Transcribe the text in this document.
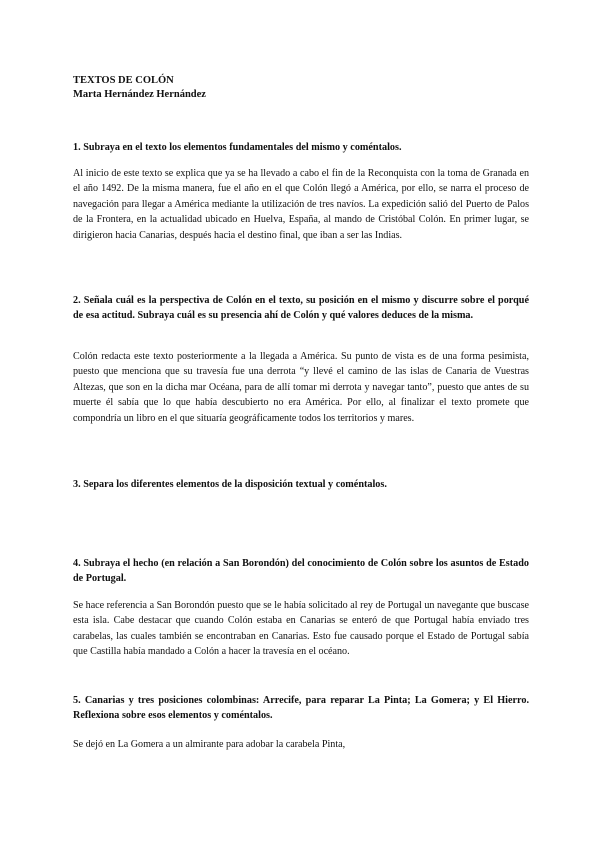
TEXTOS DE COLÓN
Marta Hernández Hernández
1. Subraya en el texto los elementos fundamentales del mismo y coméntalos.
Al inicio de este texto se explica que ya se ha llevado a cabo el fin de la Reconquista con la toma de Granada en el año 1492. De la misma manera, fue el año en el que Colón llegó a América, por ello, se narra el proceso de navegación para llegar a América mediante la utilización de tres navíos. La expedición salió del Puerto de Palos de la Frontera, en la actualidad ubicado en Huelva, España, al mando de Cristóbal Colón. En primer lugar, se dirigieron hacia Canarias, después hacia el destino final, que iban a ser las Indias.
2. Señala cuál es la perspectiva de Colón en el texto, su posición en el mismo y discurre sobre el porqué de esa actitud. Subraya cuál es su presencia ahí de Colón y qué valores deduces de la misma.
Colón redacta este texto posteriormente a la llegada a América. Su punto de vista es de una forma pesimista, puesto que menciona que su travesía fue una derrota “y llevé el camino de las islas de Canaria de Vuestras Altezas, que son en la dicha mar Océana, para de allí tomar mi derrota y navegar tanto”, puesto que antes de su muerte él sabía que lo que había descubierto no era América. Por ello, al finalizar el texto promete que compondría un libro en el que situaría geográficamente todos los territorios y mares.
3. Separa los diferentes elementos de la disposición textual y coméntalos.
4. Subraya el hecho (en relación a San Borondón) del conocimiento de Colón sobre los asuntos de Estado de Portugal.
Se hace referencia a San Borondón puesto que se le había solicitado al rey de Portugal un navegante que buscase esta isla. Cabe destacar que cuando Colón estaba en Canarias se enteró de que Portugal había enviado tres carabelas, las cuales también se encontraban en Canarias. Esto fue causado porque el Estado de Portugal sabía que Castilla había mandado a Colón a hacer la travesía en el océano.
5. Canarias y tres posiciones colombinas: Arrecife, para reparar La Pinta; La Gomera; y El Hierro. Reflexiona sobre esos elementos y coméntalos.
Se dejó en La Gomera a un almirante para adobar la carabela Pinta,
